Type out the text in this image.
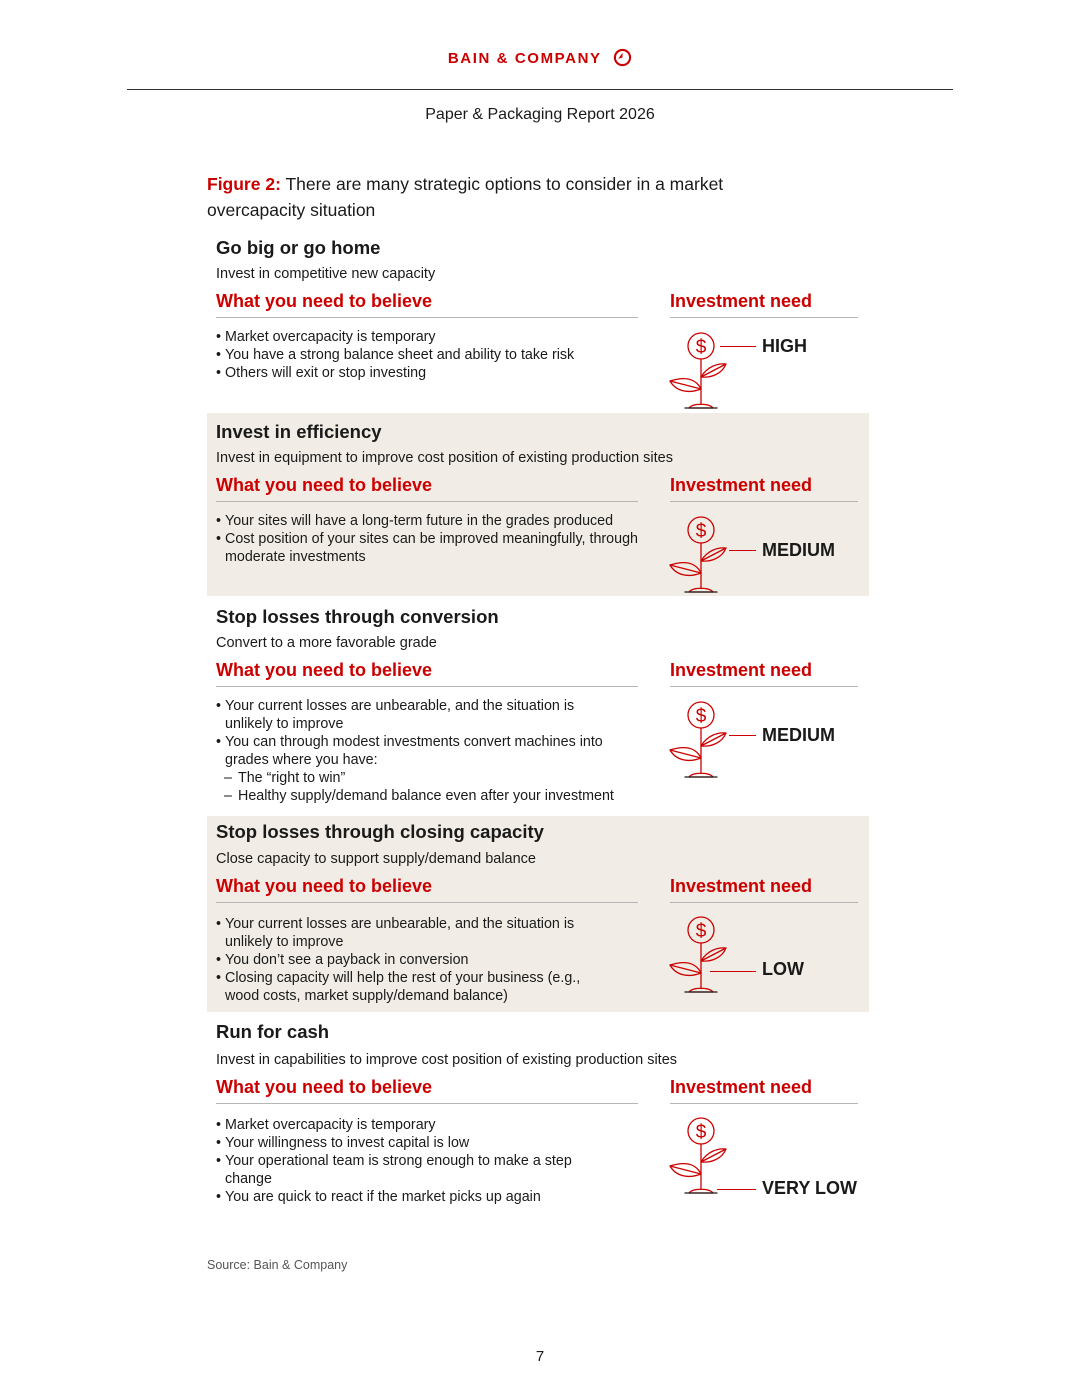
BAIN & COMPANY
Paper & Packaging Report 2026
Figure 2: There are many strategic options to consider in a market overcapacity situation
Go big or go home
Invest in competitive new capacity
What you need to believe	Investment need
• Market overcapacity is temporary
• You have a strong balance sheet and ability to take risk
• Others will exit or stop investing
$	HIGH
Invest in efficiency
Invest in equipment to improve cost position of existing production sites
What you need to believe	Investment need
• Your sites will have a long-term future in the grades produced
• Cost position of your sites can be improved meaningfully, through moderate investments
$
MEDIUM
Stop losses through conversion
Convert to a more favorable grade
What you need to believe	Investment need
• Your current losses are unbearable, and the situation is unlikely to improve
• You can through modest investments convert machines into grades where you have:
– The “right to win”
– Healthy supply/demand balance even after your investment
$
MEDIUM
Stop losses through closing capacity
Close capacity to support supply/demand balance
What you need to believe	Investment need
• Your current losses are unbearable, and the situation is unlikely to improve
• You don’t see a payback in conversion
• Closing capacity will help the rest of your business (e.g., wood costs, market supply/demand balance)
$
LOW
Run for cash
Invest in capabilities to improve cost position of existing production sites
What you need to believe	Investment need
• Market overcapacity is temporary
• Your willingness to invest capital is low
• Your operational team is strong enough to make a step change
• You are quick to react if the market picks up again
$
VERY LOW
Source: Bain & Company
7
